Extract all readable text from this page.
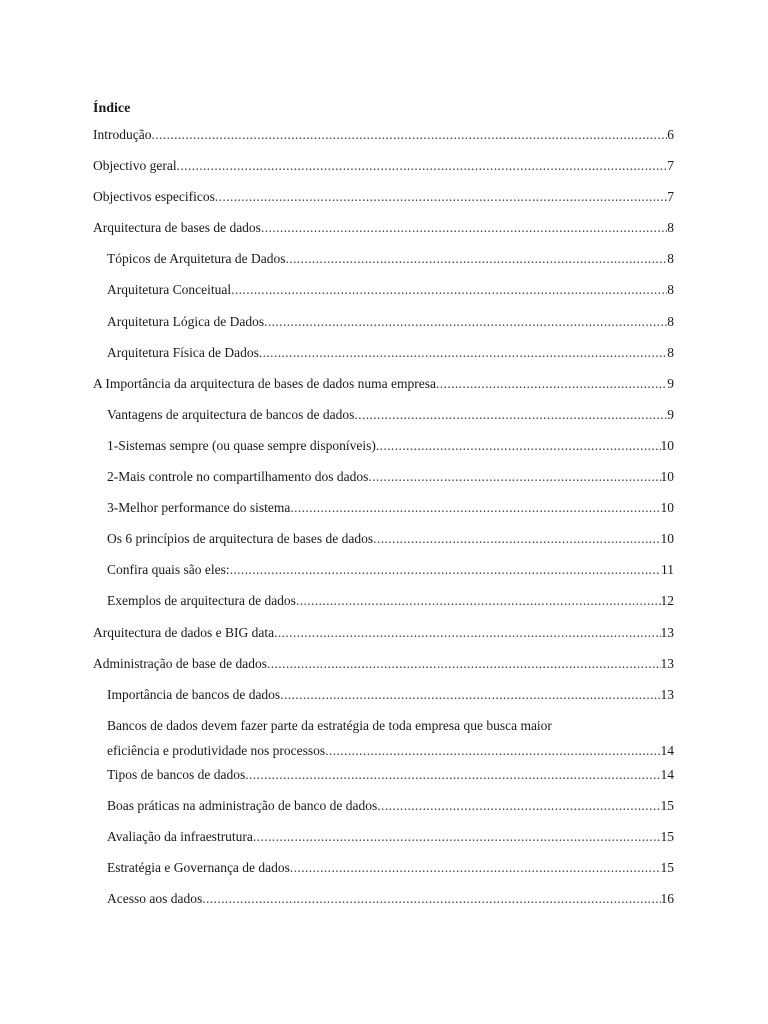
Índice
Introdução .....	6
Objectivo geral .....	7
Objectivos especificos .....	7
Arquitectura de bases de dados .....	8
Tópicos de Arquitetura de Dados .....	8
Arquitetura Conceitual .....	8
Arquitetura Lógica de Dados .....	8
Arquitetura Física de Dados .....	8
A Importância da arquitectura de bases de dados numa empresa .....	9
Vantagens de arquitectura de bancos de dados .....	9
1-Sistemas sempre (ou quase sempre disponíveis) .....	10
2-Mais controle no compartilhamento dos dados .....	10
3-Melhor performance do sistema .....	10
Os 6 princípios de arquitectura de bases de dados .....	10
Confira quais são eles: .....	11
Exemplos de arquitectura de dados .....	12
Arquitectura de dados e BIG data .....	13
Administração de base de dados .....	13
Importância de bancos de dados .....	13
Bancos de dados devem fazer parte da estratégia de toda empresa que busca maior
eficiência e produtividade nos processos .....	14
Tipos de bancos de dados .....	14
Boas práticas na administração de banco de dados .....	15
Avaliação da infraestrutura .....	15
Estratégia e Governança de dados .....	15
Acesso aos dados .....	16
